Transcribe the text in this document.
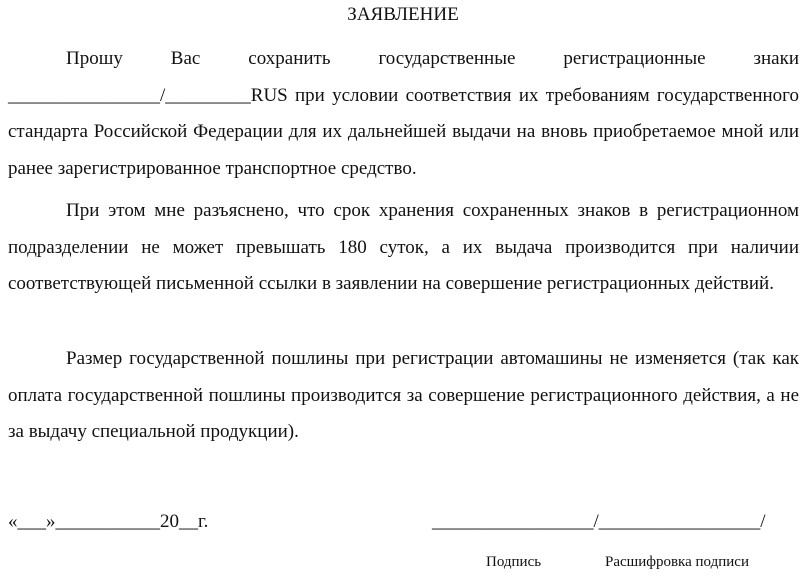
ЗАЯВЛЕНИЕ

Прошу Вас сохранить государственные регистрационные знаки ________________/_________RUS при условии соответствия их требованиям государственного стандарта Российской Федерации для их дальнейшей выдачи на вновь приобретаемое мной или ранее зарегистрированное транспортное средство.

При этом мне разъяснено, что срок хранения сохраненных знаков в регистрационном подразделении не может превышать 180 суток, а их выдача производится при наличии соответствующей письменной ссылки в заявлении на совершение регистрационных действий.

Размер государственной пошлины при регистрации автомашины не изменяется (так как оплата государственной пошлины производится за совершение регистрационного действия, а не за выдачу специальной продукции).

«___»___________20__г.	_________________/_________________/
Подпись	Расшифровка подписи
